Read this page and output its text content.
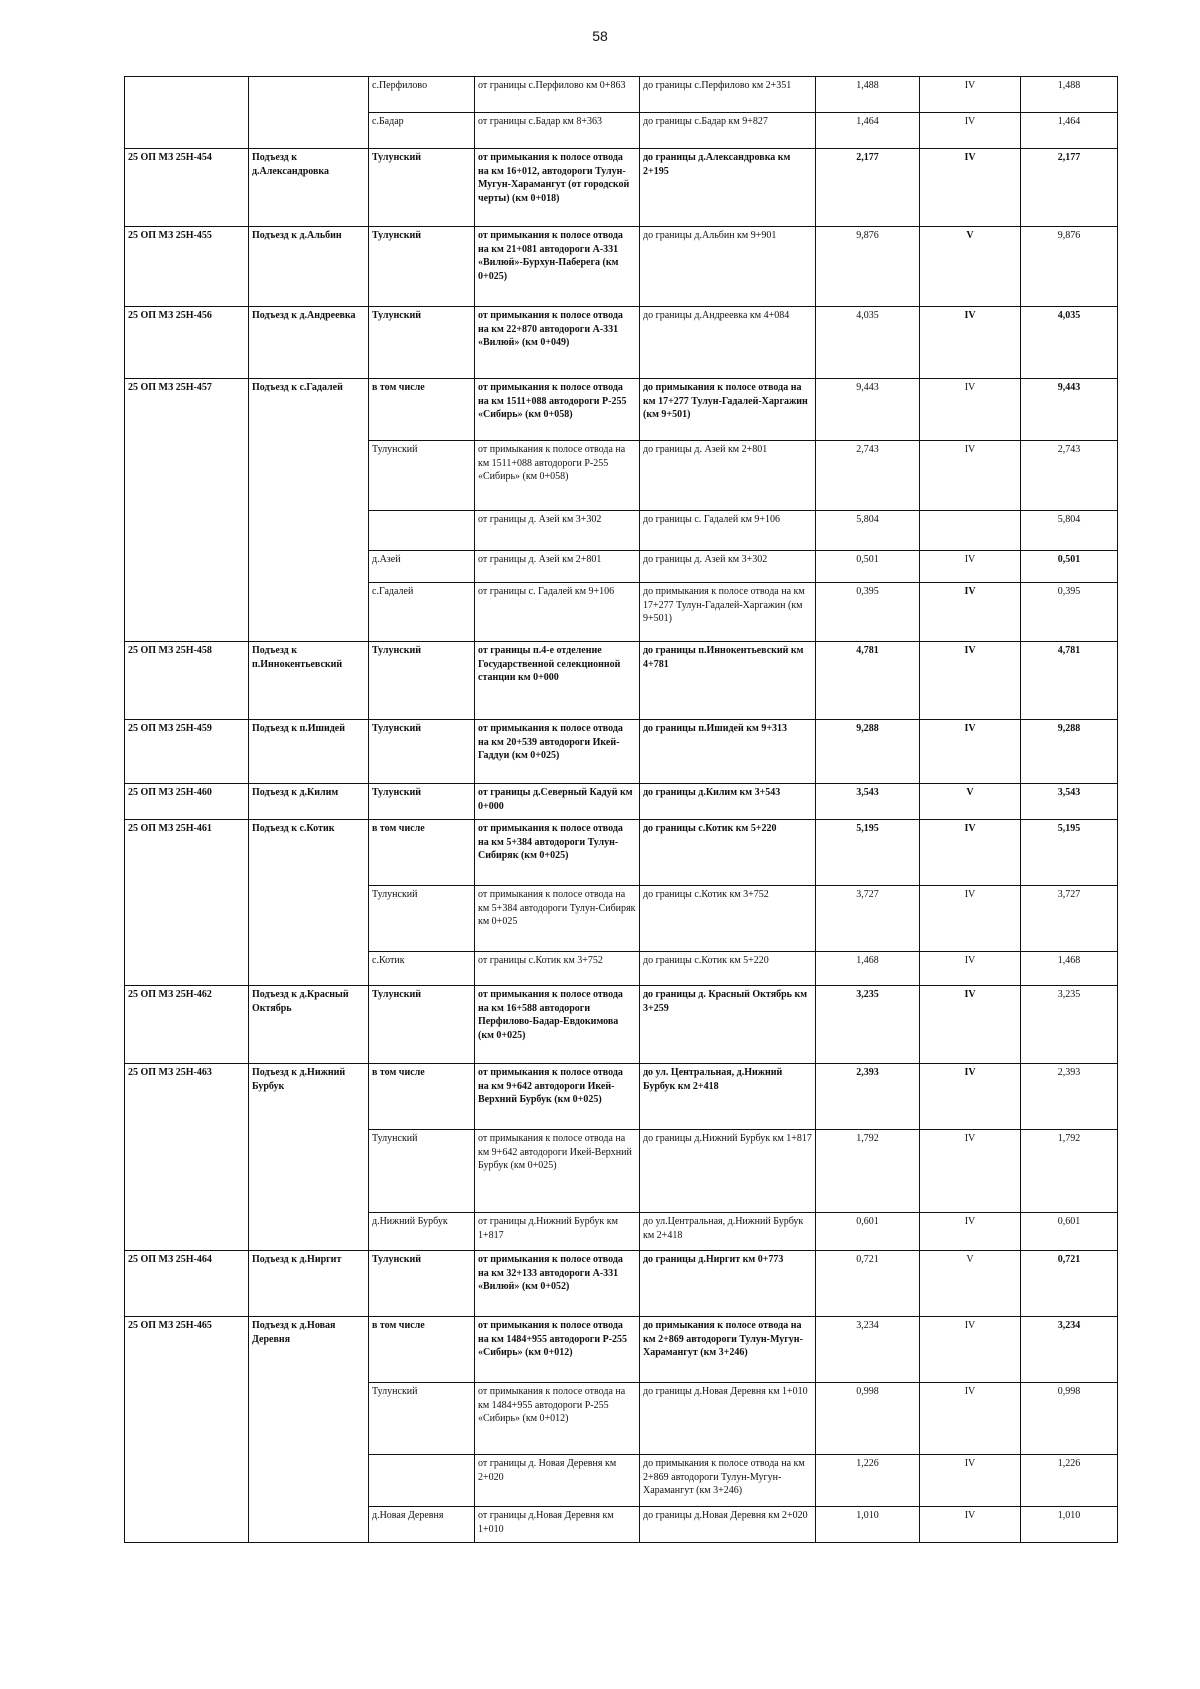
58
		с.Перфилово	от границы с.Перфилово км 0+863	до границы с.Перфилово км 2+351	1,488	IV	1,488
		с.Бадар	от границы с.Бадар км 8+363	до границы с.Бадар км 9+827	1,464	IV	1,464
25 ОП МЗ 25Н-454	Подъезд к д.Александровка	Тулунский	от примыкания к полосе отвода на км 16+012, автодороги Тулун-Мугун-Харамангут (от городской черты) (км 0+018)	до границы д.Александровка км 2+195	2,177	IV	2,177
25 ОП МЗ 25Н-455	Подъезд к д.Альбин	Тулунский	от примыкания к полосе отвода на км 21+081 автодороги А-331 «Вилюй»-Бурхун-Паберега (км 0+025)	до границы д.Альбин км 9+901	9,876	V	9,876
25 ОП МЗ 25Н-456	Подъезд к д.Андреевка	Тулунский	от примыкания к полосе отвода на км 22+870 автодороги А-331 «Вилюй» (км 0+049)	до границы д.Андреевка км 4+084	4,035	IV	4,035
25 ОП МЗ 25Н-457	Подъезд к с.Гадалей	в том числе	от примыкания к полосе отвода на км 1511+088 автодороги Р-255 «Сибирь» (км 0+058)	до примыкания к полосе отвода на км 17+277 Тулун-Гадалей-Харгажин (км 9+501)	9,443	IV	9,443
		Тулунский	от примыкания к полосе отвода на км 1511+088 автодороги Р-255 «Сибирь» (км 0+058)	до границы д. Азей км 2+801	2,743	IV	2,743
			от границы д. Азей км 3+302	до границы с. Гадалей км 9+106	5,804		5,804
		д.Азей	от границы д. Азей км 2+801	до границы д. Азей км 3+302	0,501	IV	0,501
		с.Гадалей	от границы с. Гадалей км 9+106	до примыкания к полосе отвода на км 17+277 Тулун-Гадалей-Харгажин (км 9+501)	0,395	IV	0,395
25 ОП МЗ 25Н-458	Подъезд к п.Иннокентьевский	Тулунский	от границы п.4-е отделение Государственной селекционной станции км 0+000	до границы п.Иннокентьевский км 4+781	4,781	IV	4,781
25 ОП МЗ 25Н-459	Подъезд к п.Ишидей	Тулунский	от примыкания к полосе отвода на км 20+539 автодороги Икей-Гаддуи (км 0+025)	до границы п.Ишидей км 9+313	9,288	IV	9,288
25 ОП МЗ 25Н-460	Подъезд к д.Килим	Тулунский	от границы д.Северный Кадуй км 0+000	до границы д.Килим км 3+543	3,543	V	3,543
25 ОП МЗ 25Н-461	Подъезд к с.Котик	в том числе	от примыкания к полосе отвода на км 5+384 автодороги Тулун-Сибиряк (км 0+025)	до границы с.Котик км 5+220	5,195	IV	5,195
		Тулунский	от примыкания к полосе отвода на км 5+384 автодороги Тулун-Сибиряк км 0+025	до границы с.Котик км 3+752	3,727	IV	3,727
		с.Котик	от границы с.Котик км 3+752	до границы с.Котик км 5+220	1,468	IV	1,468
25 ОП МЗ 25Н-462	Подъезд к д.Красный Октябрь	Тулунский	от примыкания к полосе отвода на км 16+588 автодороги Перфилово-Бадар-Евдокимова (км 0+025)	до границы д. Красный Октябрь км 3+259	3,235	IV	3,235
25 ОП МЗ 25Н-463	Подъезд к д.Нижний Бурбук	в том числе	от примыкания к полосе отвода на км 9+642 автодороги Икей-Верхний Бурбук (км 0+025)	до ул. Центральная, д.Нижний Бурбук км 2+418	2,393	IV	2,393
		Тулунский	от примыкания к полосе отвода на км 9+642 автодороги Икей-Верхний Бурбук (км 0+025)	до границы д.Нижний Бурбук км 1+817	1,792	IV	1,792
		д.Нижний Бурбук	от границы д.Нижний Бурбук км 1+817	до ул.Центральная, д.Нижний Бурбук км 2+418	0,601	IV	0,601
25 ОП МЗ 25Н-464	Подъезд к д.Ниргит	Тулунский	от примыкания к полосе отвода на км 32+133 автодороги А-331 «Вилюй» (км 0+052)	до границы д.Ниргит км 0+773	0,721	V	0,721
25 ОП МЗ 25Н-465	Подъезд к д.Новая Деревня	в том числе	от примыкания к полосе отвода на км 1484+955 автодороги Р-255 «Сибирь» (км 0+012)	до примыкания к полосе отвода на км 2+869 автодороги Тулун-Мугун-Харамангут (км 3+246)	3,234	IV	3,234
		Тулунский	от примыкания к полосе отвода на км 1484+955 автодороги Р-255 «Сибирь» (км 0+012)	до границы д.Новая Деревня км 1+010	0,998	IV	0,998
			от границы д. Новая Деревня км 2+020	до примыкания к полосе отвода на км 2+869 автодороги Тулун-Мугун-Харамангут (км 3+246)	1,226	IV	1,226
		д.Новая Деревня	от границы д.Новая Деревня км 1+010	до границы д.Новая Деревня км 2+020	1,010	IV	1,010
